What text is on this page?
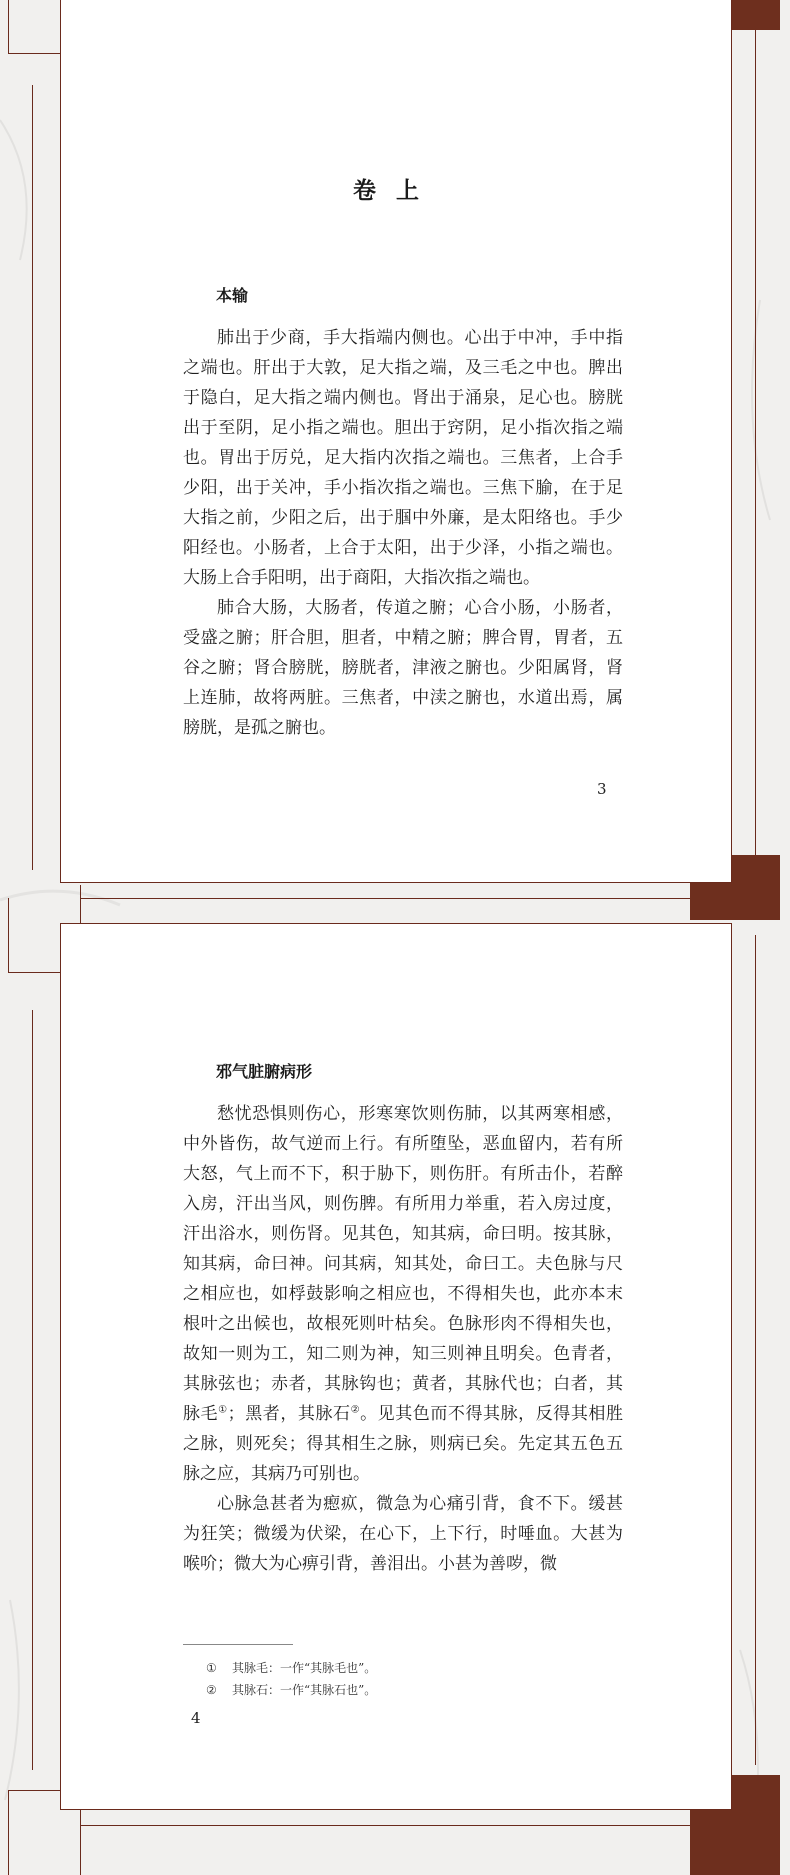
卷上
本输

肺出于少商，手大指端内侧也。心出于中冲，手中指之端也。肝出于大敦，足大指之端，及三毛之中也。脾出于隐白，足大指之端内侧也。肾出于涌泉，足心也。膀胱出于至阴，足小指之端也。胆出于窍阴，足小指次指之端也。胃出于厉兑，足大指内次指之端也。三焦者，上合手少阳，出于关冲，手小指次指之端也。三焦下腧，在于足大指之前，少阳之后，出于腘中外廉，是太阳络也。手少阳经也。小肠者，上合于太阳，出于少泽，小指之端也。大肠上合手阳明，出于商阳，大指次指之端也。

肺合大肠，大肠者，传道之腑；心合小肠，小肠者，受盛之腑；肝合胆，胆者，中精之腑；脾合胃，胃者，五谷之腑；肾合膀胱，膀胱者，津液之腑也。少阳属肾，肾上连肺，故将两脏。三焦者，中渎之腑也，水道出焉，属膀胱，是孤之腑也。

3
邪气脏腑病形

愁忧恐惧则伤心，形寒寒饮则伤肺，以其两寒相感，中外皆伤，故气逆而上行。有所堕坠，恶血留内，若有所大怒，气上而不下，积于胁下，则伤肝。有所击仆，若醉入房，汗出当风，则伤脾。有所用力举重，若入房过度，汗出浴水，则伤肾。见其色，知其病，命曰明。按其脉，知其病，命曰神。问其病，知其处，命曰工。夫色脉与尺之相应也，如桴鼓影响之相应也，不得相失也，此亦本末根叶之出候也，故根死则叶枯矣。色脉形肉不得相失也，故知一则为工，知二则为神，知三则神且明矣。色青者，其脉弦也；赤者，其脉钩也；黄者，其脉代也；白者，其脉毛①；黑者，其脉石②。见其色而不得其脉，反得其相胜之脉，则死矣；得其相生之脉，则病已矣。先定其五色五脉之应，其病乃可别也。

心脉急甚者为瘛疭，微急为心痛引背，食不下。缓甚为狂笑；微缓为伏梁，在心下，上下行，时唾血。大甚为喉吤；微大为心痹引背，善泪出。小甚为善哕，微

① 其脉毛：一作“其脉毛也”。
② 其脉石：一作“其脉石也”。
4
